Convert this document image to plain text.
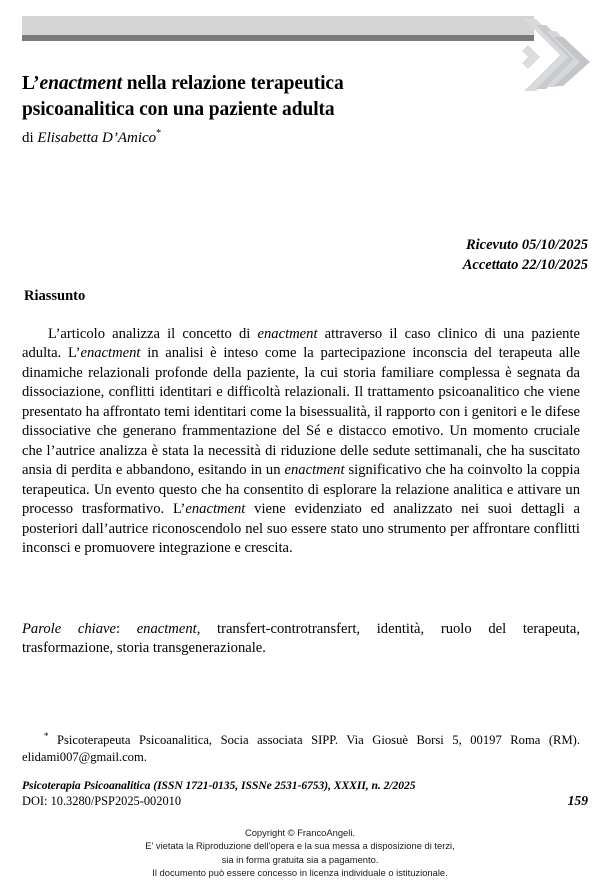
L’enactment nella relazione terapeutica
psicoanalitica con una paziente adulta
di Elisabetta D’Amico*
Ricevuto 05/10/2025
Accettato 22/10/2025
Riassunto
L’articolo analizza il concetto di enactment attraverso il caso clinico di una paziente adulta. L’enactment in analisi è inteso come la partecipazione inconscia del terapeuta alle dinamiche relazionali profonde della paziente, la cui storia familiare complessa è segnata da dissociazione, conflitti identitari e difficoltà relazionali. Il trattamento psicoanalitico che viene presentato ha affrontato temi identitari come la bisessualità, il rapporto con i genitori e le difese dissociative che generano frammentazione del Sé e distacco emotivo. Un momento cruciale che l’autrice analizza è stata la necessità di riduzione delle sedute settimanali, che ha suscitato ansia di perdita e abbandono, esitando in un enactment significativo che ha coinvolto la coppia terapeutica. Un evento questo che ha consentito di esplorare la relazione analitica e attivare un processo trasformativo. L’enactment viene evidenziato ed analizzato nei suoi dettagli a posteriori dall’autrice riconoscendolo nel suo essere stato uno strumento per affrontare conflitti inconsci e promuovere integrazione e crescita.
Parole chiave: enactment, transfert-controtransfert, identità, ruolo del terapeuta, trasformazione, storia transgenerazionale.
* Psicoterapeuta Psicoanalitica, Socia associata SIPP. Via Giosuè Borsi 5, 00197 Roma (RM). elidami007@gmail.com.
Psicoterapia Psicoanalitica (ISSN 1721-0135, ISSNe 2531-6753), XXXII, n. 2/2025
DOI: 10.3280/PSP2025-002010	159
Copyright © FrancoAngeli.
E' vietata la Riproduzione dell'opera e la sua messa a disposizione di terzi,
sia in forma gratuita sia a pagamento.
Il documento può essere concesso in licenza individuale o istituzionale.
